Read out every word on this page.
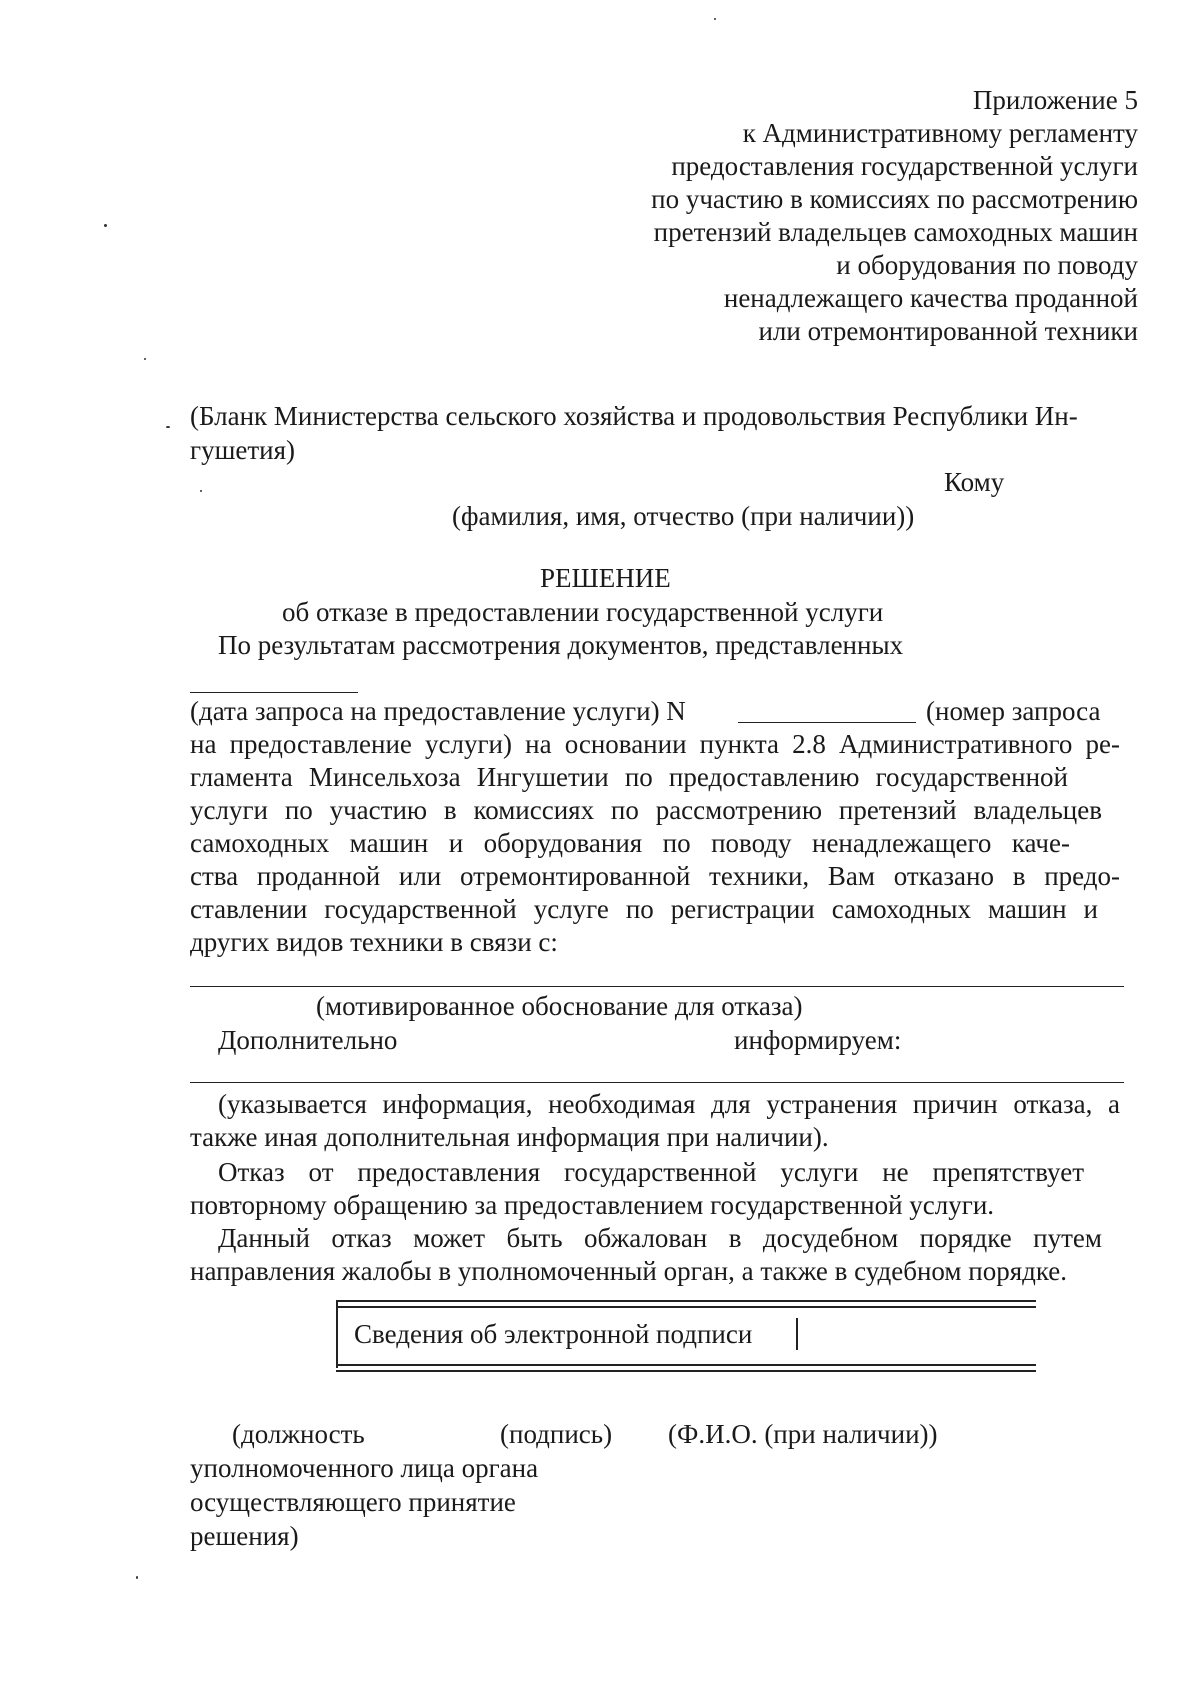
Приложение 5
к Административному регламенту
предоставления государственной услуги
по участию в комиссиях по рассмотрению
претензий владельцев самоходных машин
и оборудования по поводу
ненадлежащего качества проданной
или отремонтированной техники
(Бланк Министерства сельского хозяйства и продовольствия Республики Ин-
гушетия)
Кому
(фамилия, имя, отчество (при наличии))
РЕШЕНИЕ
об отказе в предоставлении государственной услуги
По результатам рассмотрения документов, представленных
(дата запроса на предоставление услуги) N	(номер запроса
на предоставление услуги) на основании пункта 2.8 Административного ре-
гламента Минсельхоза Ингушетии по предоставлению государственной
услуги по участию в комиссиях по рассмотрению претензий владельцев
самоходных машин и оборудования по поводу ненадлежащего каче-
ства проданной или отремонтированной техники, Вам отказано в предо-
ставлении государственной услуге по регистрации самоходных машин и
других видов техники в связи с:
(мотивированное обоснование для отказа)
Дополнительно	информируем:
(указывается информация, необходимая для устранения причин отказа, а
также иная дополнительная информация при наличии).
Отказ от предоставления государственной услуги не препятствует
повторному обращению за предоставлением государственной услуги.
Данный отказ может быть обжалован в досудебном порядке путем
направления жалобы в уполномоченный орган, а также в судебном порядке.
Сведения об электронной подписи
(должность	(подпись) (Ф.И.О. (при наличии))
уполномоченного лица органа
осуществляющего принятие
решения)
